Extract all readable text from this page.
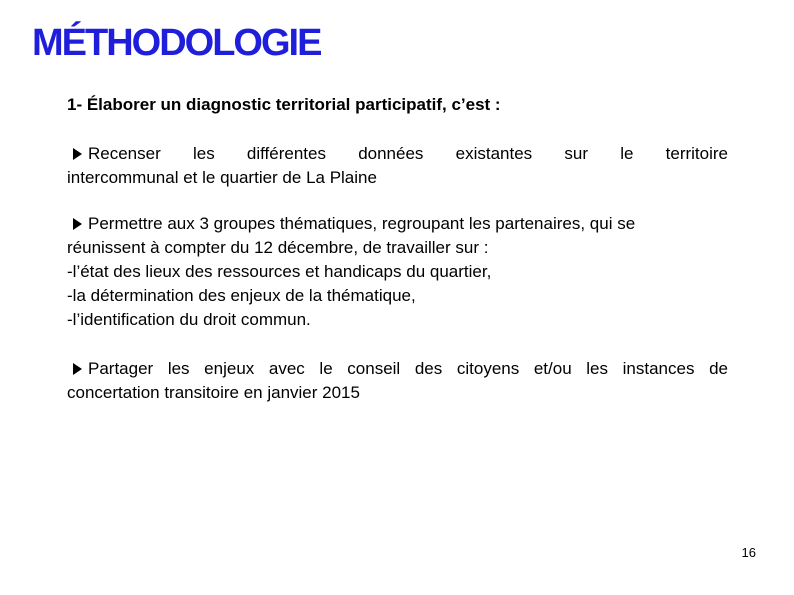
MÉTHODOLOGIE
1- Élaborer un diagnostic territorial participatif, c’est :
Recenser les différentes données existantes sur le territoire
intercommunal et le quartier de La Plaine
Permettre aux 3 groupes thématiques, regroupant les partenaires, qui se
réunissent à compter du 12 décembre, de travailler sur :
-l’état des lieux des ressources et handicaps du quartier,
-la détermination des enjeux de la thématique,
-l’identification du droit commun.
Partager les enjeux avec le conseil des citoyens et/ou les instances de
concertation transitoire en janvier 2015
16
